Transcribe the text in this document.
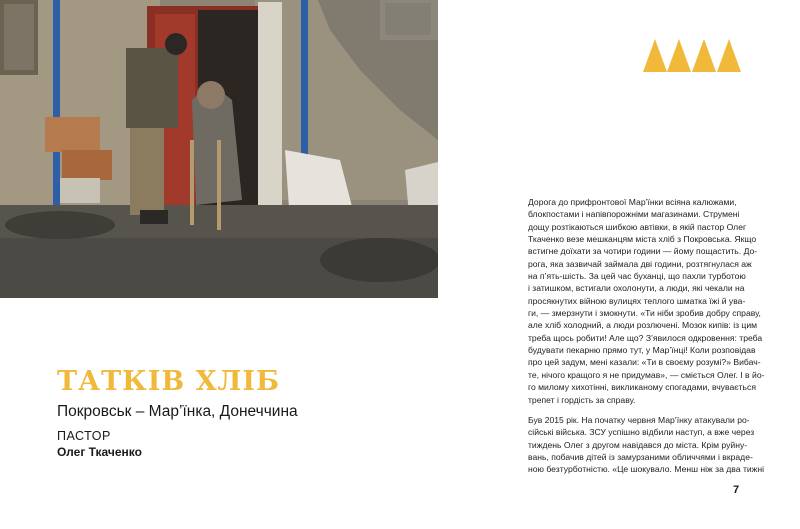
ТАТКІВ ХЛІБ
Покровськ – Мар’їнка, Донеччина
ПАСТОР
Олег Ткаченко
Дорога до прифронтової Мар’їнки всіяна калюжами,
блокпостами і напівпорожніми магазинами. Струмені
дощу розтікаються шибкою автівки, в якій пастор Олег
Ткаченко везе мешканцям міста хліб з Покровська. Якщо
встигне доїхати за чотири години — йому пощастить. До-
рога, яка зазвичай займала дві години, розтягнулася аж
на п’ять-шість. За цей час буханці, що пахли турботою
і затишком, встигали охолонути, а люди, які чекали на
просякнутих війною вулицях теплого шматка їжі й ува-
ги, — змерзнути і змокнути. «Ти ніби зробив добру справу,
але хліб холодний, а люди розлючені. Мозок кипів: із цим
треба щось робити! Але що? З’явилося одкровення: треба
будувати пекарню прямо тут, у Мар’їнці! Коли розповідав
про цей задум, мені казали: «Ти в своєму розумі?» Вибач-
те, нічого кращого я не придумав», — сміється Олег. І в йо-
го милому хихотінні, викликаному спогадами, вчувається
трепет і гордість за справу.
Був 2015 рік. На початку червня Мар’їнку атакували ро-
сійські війська. ЗСУ успішно відбили наступ, а вже через
тиждень Олег з другом навідався до міста. Крім руйну-
вань, побачив дітей із замурзаними обличчями і вкраде-
ною безтурботністю. «Це шокувало. Менш ніж за два тижні
7
